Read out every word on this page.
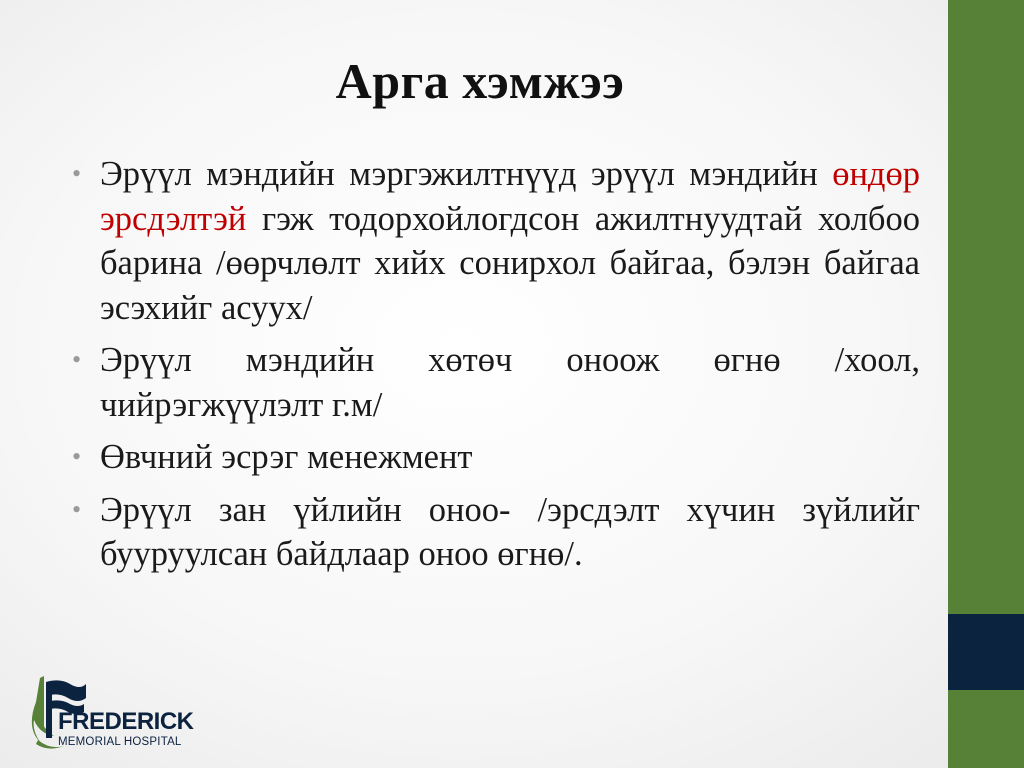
Арга хэмжээ
• Эрүүл мэндийн мэргэжилтнүүд эрүүл мэндийн өндөр эрсдэлтэй гэж тодорхойлогдсон ажилтнуудтай холбоо барина /өөрчлөлт хийх сонирхол байгаа, бэлэн байгаа эсэхийг асуух/
• Эрүүл мэндийн хөтөч оноож өгнө /хоол, чийрэгжүүлэлт г.м/
• Өвчний эсрэг менежмент
• Эрүүл зан үйлийн оноо- /эрсдэлт хүчин зүйлийг бууруулсан байдлаар оноо өгнө/.
FREDERICK
MEMORIAL HOSPITAL
